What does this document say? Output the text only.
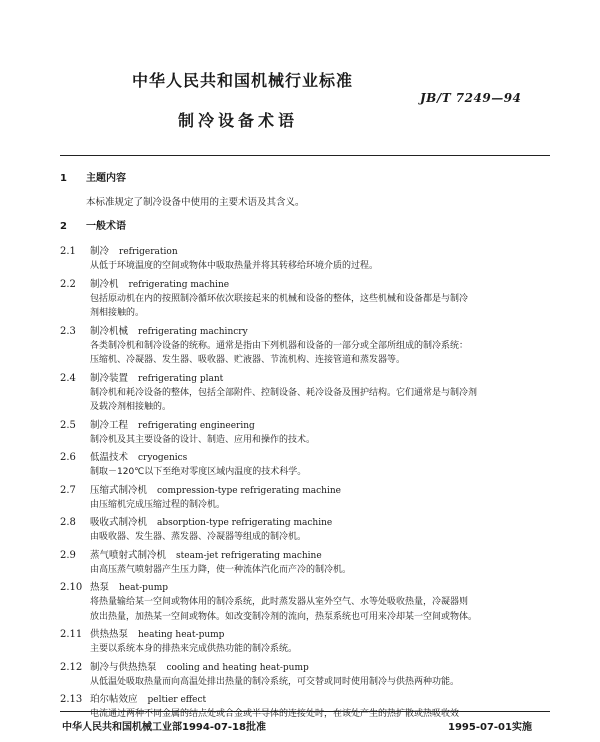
中华人民共和国机械行业标准
JB/T 7249—94
制冷设备术语
1 主题内容
本标准规定了制冷设备中使用的主要术语及其含义。
2 一般术语
2.1 制冷 refrigeration
从低于环境温度的空间或物体中吸取热量并将其转移给环境介质的过程。
2.2 制冷机 refrigerating machine
包括原动机在内的按照制冷循环依次联接起来的机械和设备的整体，这些机械和设备都是与制冷
剂相接触的。
2.3 制冷机械 refrigerating machincry
各类制冷机和制冷设备的统称。通常是指由下列机器和设备的一部分或全部所组成的制冷系统：
压缩机、冷凝器、发生器、吸收器、贮液器、节流机构、连接管道和蒸发器等。
2.4 制冷装置 refrigerating plant
制冷机和耗冷设备的整体，包括全部附件、控制设备、耗冷设备及围护结构。它们通常是与制冷剂
及载冷剂相接触的。
2.5 制冷工程 refrigerating engineering
制冷机及其主要设备的设计、制造、应用和操作的技术。
2.6 低温技术 cryogenics
制取－120℃以下至绝对零度区域内温度的技术科学。
2.7 压缩式制冷机 compression-type refrigerating machine
由压缩机完成压缩过程的制冷机。
2.8 吸收式制冷机 absorption-type refrigerating machine
由吸收器、发生器、蒸发器、冷凝器等组成的制冷机。
2.9 蒸气喷射式制冷机 steam-jet refrigerating machine
由高压蒸气喷射器产生压力降，使一种流体汽化而产冷的制冷机。
2.10 热泵 heat-pump
将热量输给某一空间或物体用的制冷系统，此时蒸发器从室外空气、水等处吸收热量，冷凝器则
放出热量，加热某一空间或物体。如改变制冷剂的流向，热泵系统也可用来冷却某一空间或物体。
2.11 供热热泵 heating heat-pump
主要以系统本身的排热来完成供热功能的制冷系统。
2.12 制冷与供热热泵 cooling and heating heat-pump
从低温处吸取热量而向高温处排出热量的制冷系统，可交替或同时使用制冷与供热两种功能。
2.13 珀尔帖效应 peltier effect
电流通过两种不同金属的结点处或合金或半导体的连接处时，在该处产生的热扩散或热吸收效
中华人民共和国机械工业部1994-07-18批准	1995-07-01实施
